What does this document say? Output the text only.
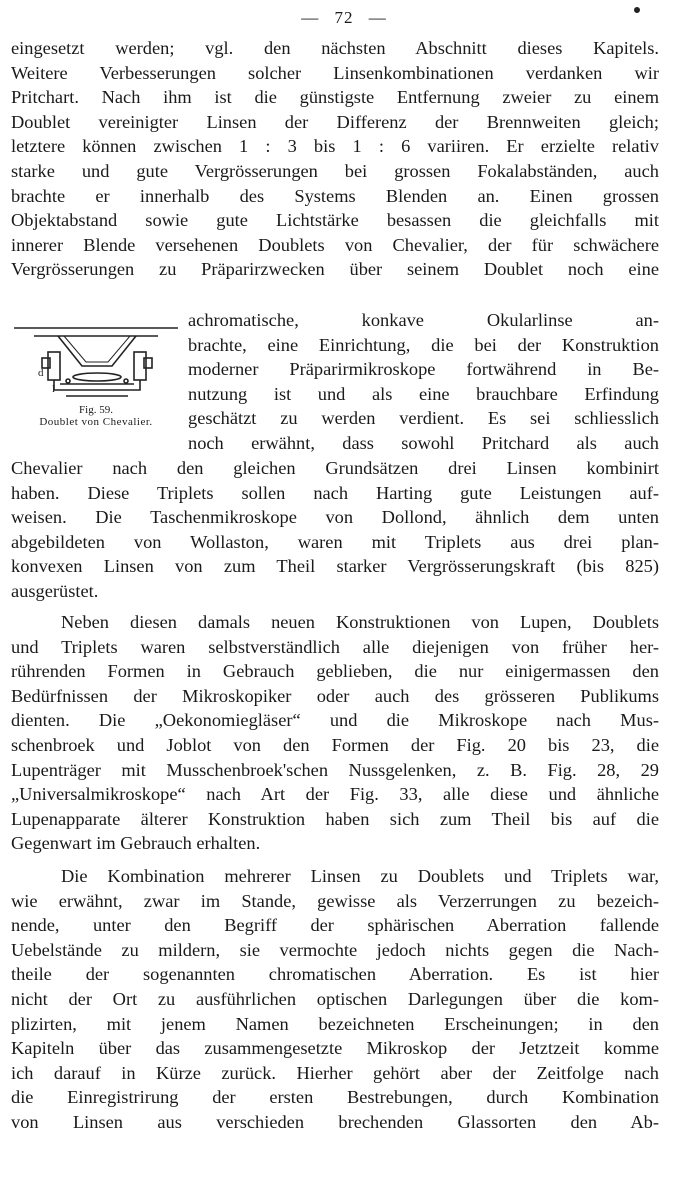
— 72 —
eingesetzt werden; vgl. den nächsten Abschnitt dieses Kapitels.
Weitere Verbesserungen solcher Linsenkombinationen verdanken wir
Pritchart. Nach ihm ist die günstigste Entfernung zweier zu einem
Doublet vereinigter Linsen der Differenz der Brennweiten gleich;
letztere können zwischen 1 : 3 bis 1 : 6 variiren. Er erzielte relativ
starke und gute Vergrösserungen bei grossen Fokalabständen, auch
brachte er innerhalb des Systems Blenden an. Einen grossen
Objektabstand sowie gute Lichtstärke besassen die gleichfalls mit
innerer Blende versehenen Doublets von Chevalier, der für schwächere
Vergrösserungen zu Präparirzwecken über seinem Doublet noch eine
d
l
Fig. 59.
Doublet von Chevalier.
achromatische, konkave Okularlinse an-
brachte, eine Einrichtung, die bei der Konstruktion
moderner Präparirmikroskope fortwährend in Be-
nutzung ist und als eine brauchbare Erfindung
geschätzt zu werden verdient. Es sei schliesslich
noch erwähnt, dass sowohl Pritchard als auch
Chevalier nach den gleichen Grundsätzen drei Linsen kombinirt
haben. Diese Triplets sollen nach Harting gute Leistungen auf-
weisen. Die Taschenmikroskope von Dollond, ähnlich dem unten
abgebildeten von Wollaston, waren mit Triplets aus drei plan-
konvexen Linsen von zum Theil starker Vergrösserungskraft (bis 825)
ausgerüstet.
Neben diesen damals neuen Konstruktionen von Lupen, Doublets
und Triplets waren selbstverständlich alle diejenigen von früher her-
rührenden Formen in Gebrauch geblieben, die nur einigermassen den
Bedürfnissen der Mikroskopiker oder auch des grösseren Publikums
dienten. Die „Oekonomiegläser“ und die Mikroskope nach Mus-
schenbroek und Joblot von den Formen der Fig. 20 bis 23, die
Lupenträger mit Musschenbroek'schen Nussgelenken, z. B. Fig. 28, 29
„Universalmikroskope“ nach Art der Fig. 33, alle diese und ähnliche
Lupenapparate älterer Konstruktion haben sich zum Theil bis auf die
Gegenwart im Gebrauch erhalten.
Die Kombination mehrerer Linsen zu Doublets und Triplets war,
wie erwähnt, zwar im Stande, gewisse als Verzerrungen zu bezeich-
nende, unter den Begriff der sphärischen Aberration fallende
Uebelstände zu mildern, sie vermochte jedoch nichts gegen die Nach-
theile der sogenannten chromatischen Aberration. Es ist hier
nicht der Ort zu ausführlichen optischen Darlegungen über die kom-
plizirten, mit jenem Namen bezeichneten Erscheinungen; in den
Kapiteln über das zusammengesetzte Mikroskop der Jetztzeit komme
ich darauf in Kürze zurück. Hierher gehört aber der Zeitfolge nach
die Einregistrirung der ersten Bestrebungen, durch Kombination
von Linsen aus verschieden brechenden Glassorten den Ab-
